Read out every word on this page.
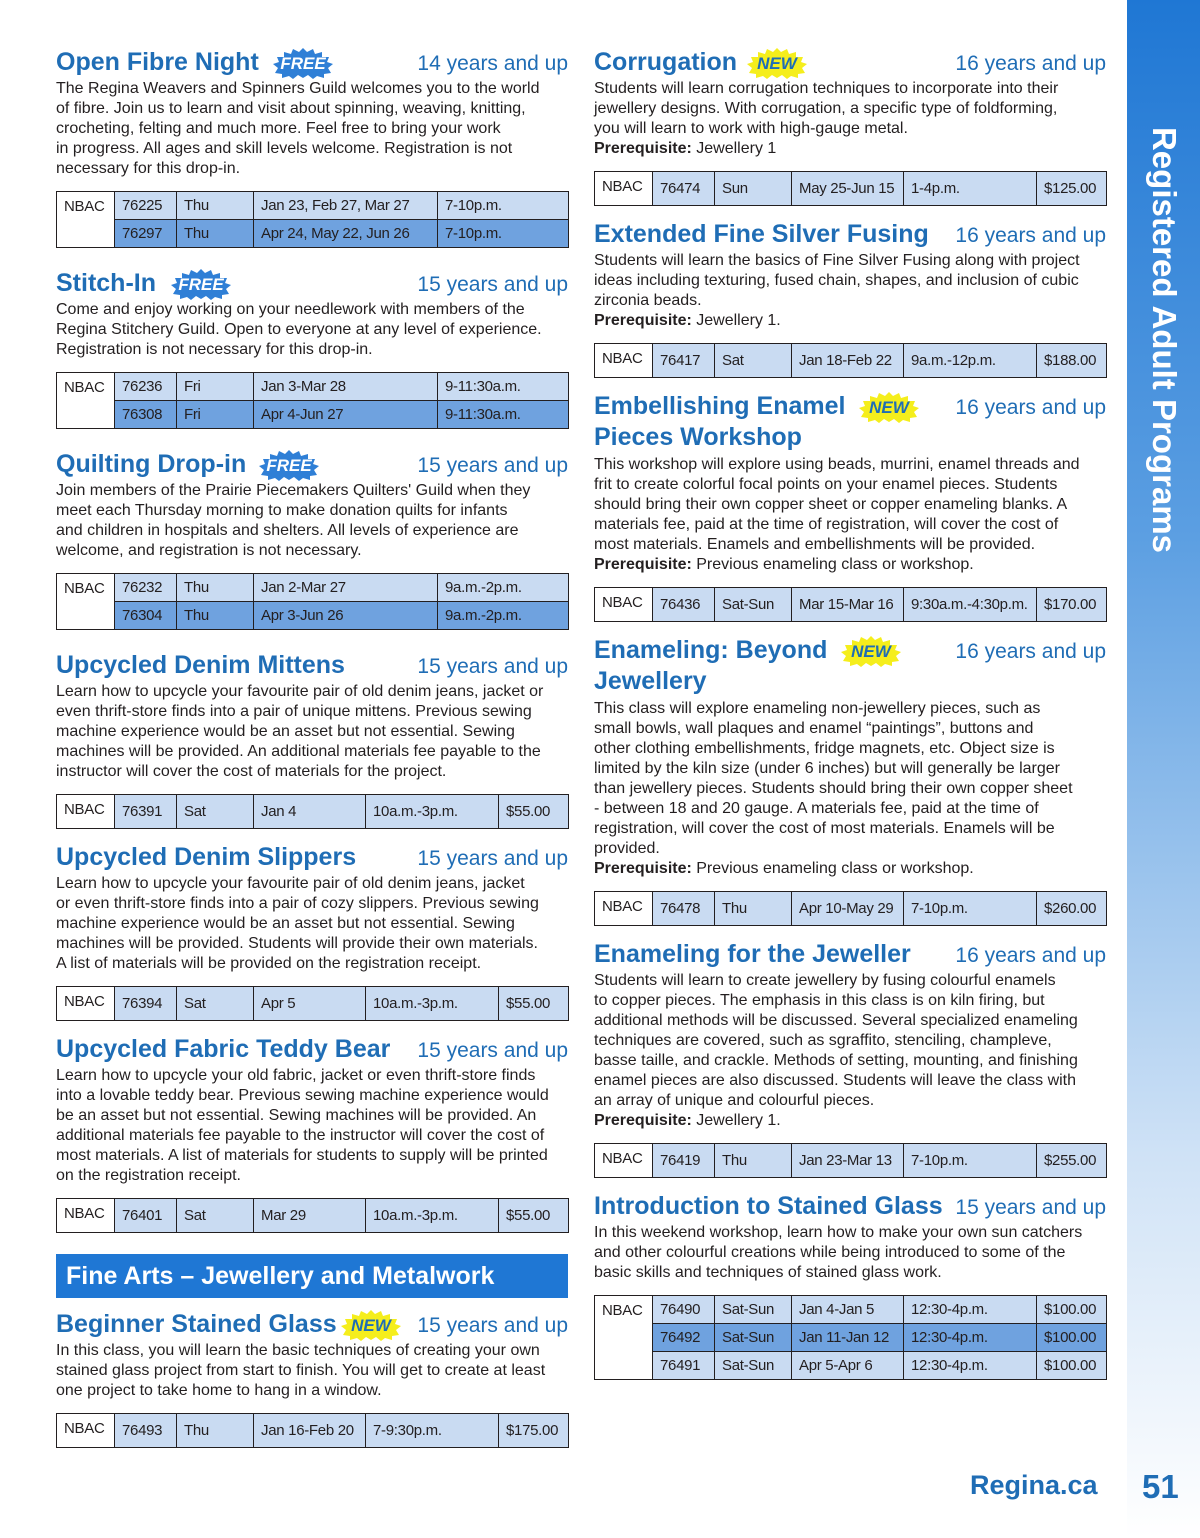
Open Fibre Night FREE	14 years and up

The Regina Weavers and Spinners Guild welcomes you to the world
of fibre. Join us to learn and visit about spinning, weaving, knitting,
crocheting, felting and much more. Feel free to bring your work
in progress. All ages and skill levels welcome. Registration is not
necessary for this drop-in.

NBAC	76225	Thu	Jan 23, Feb 27, Mar 27	7-10p.m.
	76297	Thu	Apr 24, May 22, Jun 26	7-10p.m.
Stitch-In FREE	15 years and up

Come and enjoy working on your needlework with members of the
Regina Stitchery Guild. Open to everyone at any level of experience.
Registration is not necessary for this drop-in.

NBAC	76236	Fri	Jan 3-Mar 28	9-11:30a.m.
	76308	Fri	Apr 4-Jun 27	9-11:30a.m.
Quilting Drop-in FREE	15 years and up

Join members of the Prairie Piecemakers Quilters' Guild when they
meet each Thursday morning to make donation quilts for infants
and children in hospitals and shelters. All levels of experience are
welcome, and registration is not necessary.

NBAC	76232	Thu	Jan 2-Mar 27	9a.m.-2p.m.
	76304	Thu	Apr 3-Jun 26	9a.m.-2p.m.
Upcycled Denim Mittens	15 years and up

Learn how to upcycle your favourite pair of old denim jeans, jacket or
even thrift-store finds into a pair of unique mittens. Previous sewing
machine experience would be an asset but not essential. Sewing
machines will be provided. An additional materials fee payable to the
instructor will cover the cost of materials for the project.

NBAC	76391	Sat	Jan 4	10a.m.-3p.m.	$55.00
Upcycled Denim Slippers	15 years and up

Learn how to upcycle your favourite pair of old denim jeans, jacket
or even thrift-store finds into a pair of cozy slippers. Previous sewing
machine experience would be an asset but not essential. Sewing
machines will be provided. Students will provide their own materials.
A list of materials will be provided on the registration receipt.

NBAC	76394	Sat	Apr 5	10a.m.-3p.m.	$55.00
Upcycled Fabric Teddy Bear 15 years and up

Learn how to upcycle your old fabric, jacket or even thrift-store finds
into a lovable teddy bear. Previous sewing machine experience would
be an asset but not essential. Sewing machines will be provided. An
additional materials fee payable to the instructor will cover the cost of
most materials. A list of materials for students to supply will be printed
on the registration receipt.

NBAC	76401	Sat	Mar 29	10a.m.-3p.m.	$55.00
Fine Arts – Jewellery and Metalwork
Beginner Stained Glass NEW 15 years and up

In this class, you will learn the basic techniques of creating your own
stained glass project from start to finish. You will get to create at least
one project to take home to hang in a window.

NBAC	76493	Thu	Jan 16-Feb 20	7-9:30p.m.	$175.00
Corrugation NEW	16 years and up

Students will learn corrugation techniques to incorporate into their
jewellery designs. With corrugation, a specific type of foldforming,
you will learn to work with high-gauge metal.

Prerequisite: Jewellery 1

NBAC	76474	Sun	May 25-Jun 15	1-4p.m.	$125.00
Extended Fine Silver Fusing 16 years and up

Students will learn the basics of Fine Silver Fusing along with project
ideas including texturing, fused chain, shapes, and inclusion of cubic
zirconia beads.

Prerequisite: Jewellery 1.

NBAC	76417	Sat	Jan 18-Feb 22	9a.m.-12p.m.	$188.00
Embellishing Enamel Pieces Workshop
NEW 16 years and up

This workshop will explore using beads, murrini, enamel threads and
frit to create colorful focal points on your enamel pieces. Students
should bring their own copper sheet or copper enameling blanks. A
materials fee, paid at the time of registration, will cover the cost of
most materials. Enamels and embellishments will be provided.

Prerequisite: Previous enameling class or workshop.

NBAC	76436	Sat-Sun	Mar 15-Mar 16	9:30a.m.-4:30p.m.	$170.00
Enameling: Beyond Jewellery
NEW	16 years and up

This class will explore enameling non-jewellery pieces, such as
small bowls, wall plaques and enamel “paintings”, buttons and
other clothing embellishments, fridge magnets, etc. Object size is
limited by the kiln size (under 6 inches) but will generally be larger
than jewellery pieces. Students should bring their own copper sheet
- between 18 and 20 gauge. A materials fee, paid at the time of
registration, will cover the cost of most materials. Enamels will be
provided.

Prerequisite: Previous enameling class or workshop.

NBAC	76478	Thu	Apr 10-May 29	7-10p.m.	$260.00
Enameling for the Jeweller 16 years and up

Students will learn to create jewellery by fusing colourful enamels
to copper pieces. The emphasis in this class is on kiln firing, but
additional methods will be discussed. Several specialized enameling
techniques are covered, such as sgraffito, stenciling, champleve,
basse taille, and crackle. Methods of setting, mounting, and finishing
enamel pieces are also discussed. Students will leave the class with
an array of unique and colourful pieces.

Prerequisite: Jewellery 1.

NBAC	76419	Thu	Jan 23-Mar 13	7-10p.m.	$255.00
Introduction to Stained Glass 15 years and up

In this weekend workshop, learn how to make your own sun catchers
and other colourful creations while being introduced to some of the
basic skills and techniques of stained glass work.

NBAC	76490	Sat-Sun	Jan 4-Jan 5	12:30-4p.m.	$100.00
	76492	Sat-Sun	Jan 11-Jan 12	12:30-4p.m.	$100.00
	76491	Sat-Sun	Apr 5-Apr 6	12:30-4p.m.	$100.00
Registered Adult Programs
Regina.ca 51
